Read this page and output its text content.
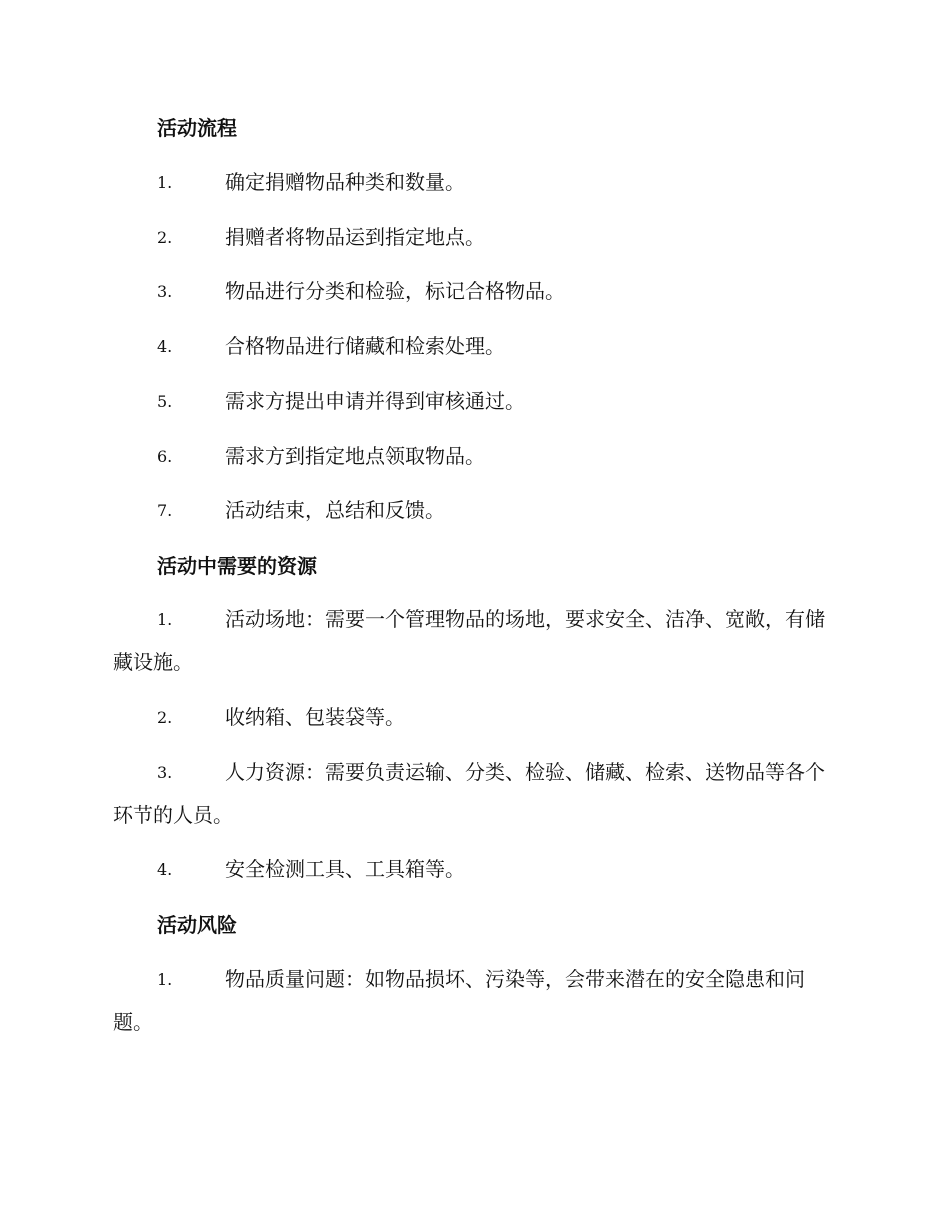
活动流程
1.	确定捐赠物品种类和数量。
2.	捐赠者将物品运到指定地点。
3.	物品进行分类和检验，标记合格物品。
4.	合格物品进行储藏和检索处理。
5.	需求方提出申请并得到审核通过。
6.	需求方到指定地点领取物品。
7.	活动结束，总结和反馈。
活动中需要的资源
1.	活动场地：需要一个管理物品的场地，要求安全、洁净、宽敞，有储藏设施。
2.	收纳箱、包装袋等。
3.	人力资源：需要负责运输、分类、检验、储藏、检索、送物品等各个环节的人员。
4.	安全检测工具、工具箱等。
活动风险
1.	物品质量问题：如物品损坏、污染等，会带来潜在的安全隐患和问题。
